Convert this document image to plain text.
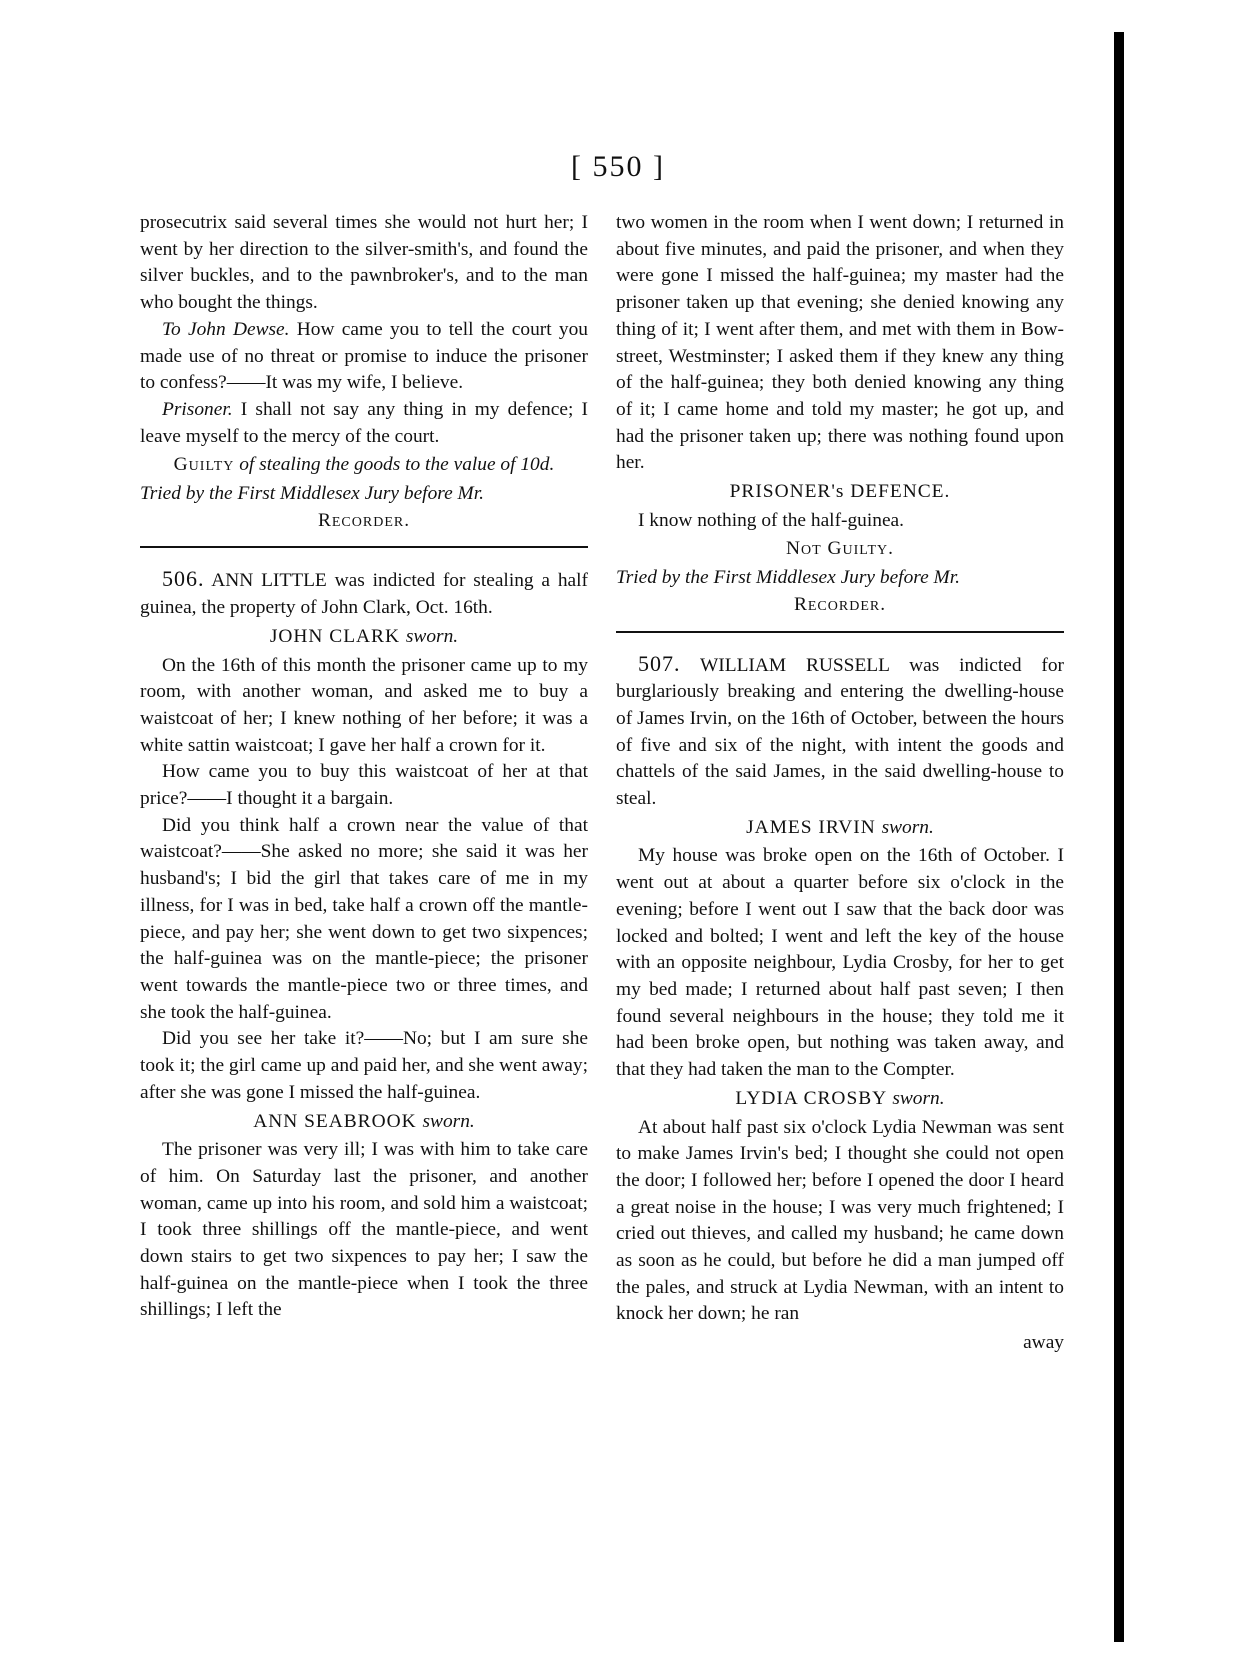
[ 550 ]

prosecutrix said several times she would not hurt her; I went by her direction to the silver-smith's, and found the silver buckles, and to the pawnbroker's, and to the man who bought the things.

To John Dewse. How came you to tell the court you made use of no threat or promise to induce the prisoner to confess?——It was my wife, I believe.

Prisoner. I shall not say any thing in my defence; I leave myself to the mercy of the court.

Guilty of stealing the goods to the value of 10d.
Tried by the First Middlesex Jury before Mr.
Recorder.

506. ANN LITTLE was indicted for stealing a half guinea, the property of John Clark, Oct. 16th.

JOHN CLARK sworn.

On the 16th of this month the prisoner came up to my room, with another woman, and asked me to buy a waistcoat of her; I knew nothing of her before; it was a white sattin waistcoat; I gave her half a crown for it.

How came you to buy this waistcoat of her at that price?——I thought it a bargain.

Did you think half a crown near the value of that waistcoat?——She asked no more; she said it was her husband's; I bid the girl that takes care of me in my illness, for I was in bed, take half a crown off the mantle-piece, and pay her; she went down to get two sixpences; the half-guinea was on the mantle-piece; the prisoner went towards the mantle-piece two or three times, and she took the half-guinea.

Did you see her take it?——No; but I am sure she took it; the girl came up and paid her, and she went away; after she was gone I missed the half-guinea.

ANN SEABROOK sworn.

The prisoner was very ill; I was with him to take care of him. On Saturday last the prisoner, and another woman, came up into his room, and sold him a waistcoat; I took three shillings off the mantle-piece, and went down stairs to get two sixpences to pay her; I saw the half-guinea on the mantle-piece when I took the three shillings; I left the

two women in the room when I went down; I returned in about five minutes, and paid the prisoner, and when they were gone I missed the half-guinea; my master had the prisoner taken up that evening; she denied knowing any thing of it; I went after them, and met with them in Bow-street, Westminster; I asked them if they knew any thing of the half-guinea; they both denied knowing any thing of it; I came home and told my master; he got up, and had the prisoner taken up; there was nothing found upon her.

PRISONER's DEFENCE.

I know nothing of the half-guinea.

Not Guilty.
Tried by the First Middlesex Jury before Mr.
Recorder.

507. WILLIAM RUSSELL was indicted for burglariously breaking and entering the dwelling-house of James Irvin, on the 16th of October, between the hours of five and six of the night, with intent the goods and chattels of the said James, in the said dwelling-house to steal.

JAMES IRVIN sworn.

My house was broke open on the 16th of October. I went out at about a quarter before six o'clock in the evening; before I went out I saw that the back door was locked and bolted; I went and left the key of the house with an opposite neighbour, Lydia Crosby, for her to get my bed made; I returned about half past seven; I then found several neighbours in the house; they told me it had been broke open, but nothing was taken away, and that they had taken the man to the Compter.

LYDIA CROSBY sworn.

At about half past six o'clock Lydia Newman was sent to make James Irvin's bed; I thought she could not open the door; I followed her; before I opened the door I heard a great noise in the house; I was very much frightened; I cried out thieves, and called my husband; he came down as soon as he could, but before he did a man jumped off the pales, and struck at Lydia Newman, with an intent to knock her down; he ran

away
